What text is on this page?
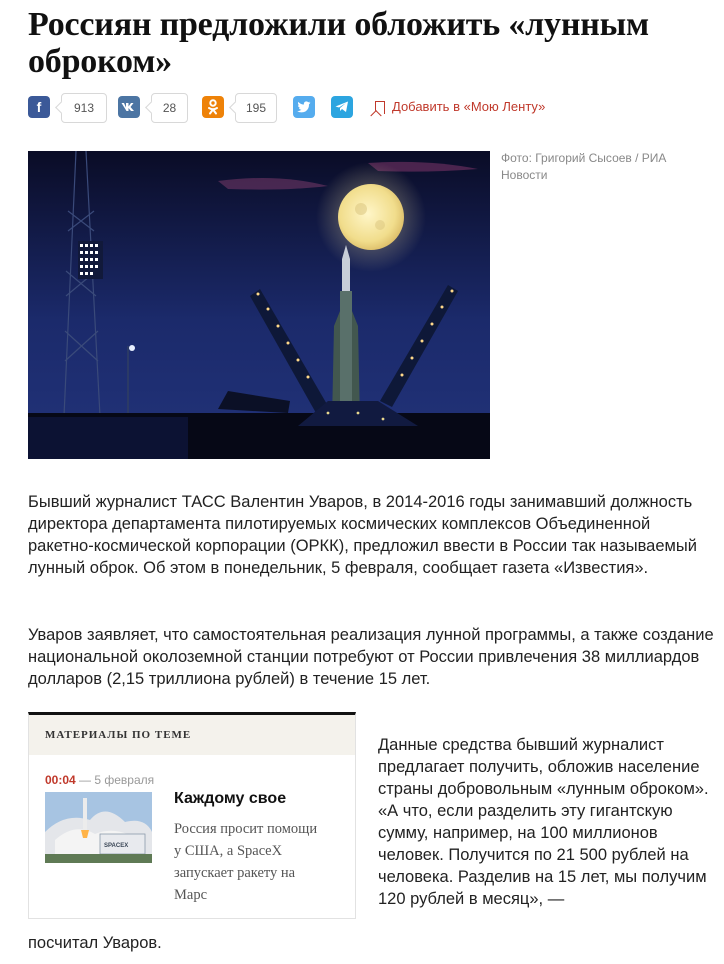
Россиян предложили обложить «лунным оброком»
f	913	28	195	Добавить в «Мою Ленту»
Фото: Григорий Сысоев / РИА Новости

Бывший журналист ТАСС Валентин Уваров, в 2014-2016 годы занимавший должность директора департамента пилотируемых космических комплексов Объединенной ракетно-космической корпорации (ОРКК), предложил ввести в России так называемый лунный оброк. Об этом в понедельник, 5 февраля, сообщает газета «Известия».

Уваров заявляет, что самостоятельная реализация лунной программы, а также создание национальной околоземной станции потребуют от России привлечения 38 миллиардов долларов (2,15 триллиона рублей) в течение 15 лет.

МАТЕРИАЛЫ ПО ТЕМЕ
00:04 — 5 февраля
SPACEX
Каждому свое
Россия просит помощи у США, а SpaceX запускает ракету на Марс
Данные средства бывший журналист предлагает получить, обложив население страны добровольным «лунным оброком». «А что, если разделить эту гигантскую сумму, например, на 100 миллионов человек. Получится по 21 500 рублей на человека. Разделив на 15 лет, мы получим 120 рублей в месяц», —
посчитал Уваров.
